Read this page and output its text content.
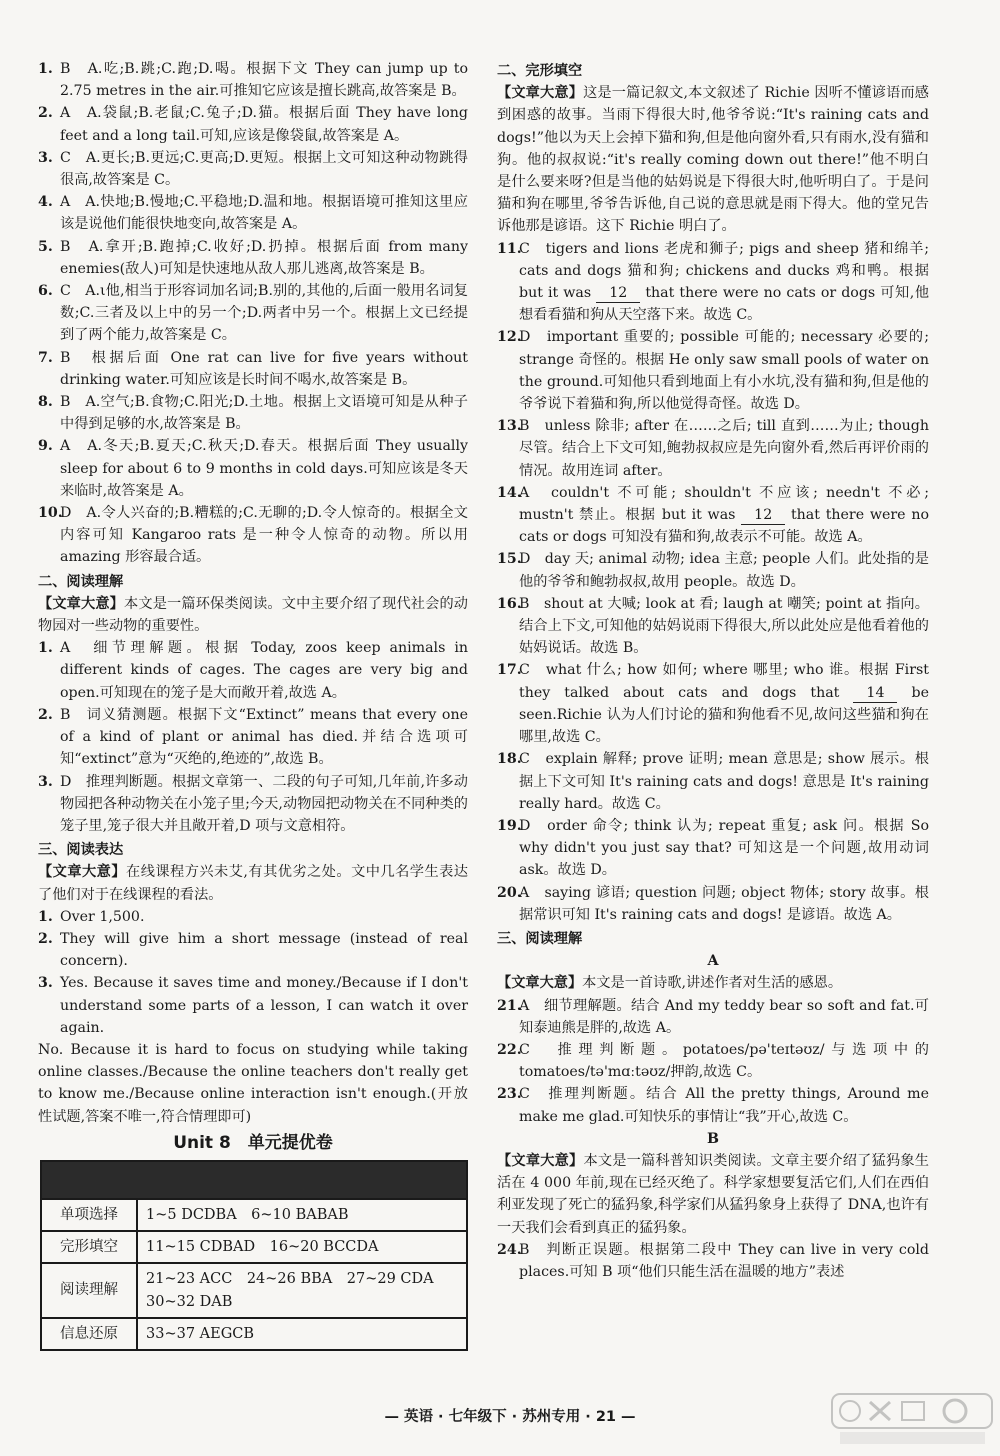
1. B　A.吃;B.跳;C.跑;D.喝。根据下文 They can jump up to 2.75 metres in the air.可推知它应该是擅长跳高,故答案是 B。
2. A　A.袋鼠;B.老鼠;C.兔子;D.猫。根据后面 They have long feet and a long tail.可知,应该是像袋鼠,故答案是 A。
3. C　A.更长;B.更远;C.更高;D.更短。根据上文可知这种动物跳得很高,故答案是 C。
4. A　A.快地;B.慢地;C.平稳地;D.温和地。根据语境可推知这里应该是说他们能很快地变向,故答案是 A。
5. B　A.拿开;B.跑掉;C.收好;D.扔掉。根据后面 from many enemies(敌人)可知是快速地从敌人那儿逃离,故答案是 B。
6. C　A.ι他,相当于形容词加名词;B.别的,其他的,后面一般用名词复数;C.三者及以上中的另一个;D.两者中另一个。根据上文已经提到了两个能力,故答案是 C。
7. B　根据后面 One rat can live for five years without drinking water.可知应该是长时间不喝水,故答案是 B。
8. B　A.空气;B.食物;C.阳光;D.土地。根据上文语境可知是从种子中得到足够的水,故答案是 B。
9. A　A.冬天;B.夏天;C.秋天;D.春天。根据后面 They usually sleep for about 6 to 9 months in cold days.可知应该是冬天来临时,故答案是 A。
10.
D　A.令人兴奋的;B.糟糕的;C.无聊的;D.令人惊奇的。根据全文内容可知 Kangaroo rats 是一种令人惊奇的动物。所以用 amazing 形容最合适。
二、阅读理解
【文章大意】本文是一篇环保类阅读。文中主要介绍了现代社会的动物园对一些动物的重要性。
1. A　细节理解题。根据 Today, zoos keep animals in different kinds of cages. The cages are very big and open.可知现在的笼子是大而敞开着,故选 A。
2. B　词义猜测题。根据下文“Extinct” means that every one of a kind of plant or animal has died.并结合选项可知“extinct”意为“灭绝的,绝迹的”,故选 B。
3. D　推理判断题。根据文章第一、二段的句子可知,几年前,许多动物园把各种动物关在小笼子里;今天,动物园把动物关在不同种类的笼子里,笼子很大并且敞开着,D 项与文意相符。
三、阅读表达
【文章大意】在线课程方兴未艾,有其优劣之处。文中几名学生表达了他们对于在线课程的看法。
1. Over 1,500.
2. They will give him a short message (instead of real concern).
3. Yes. Because it saves time and money./Because if I don't understand some parts of a lesson, I can watch it over again.
No. Because it is hard to focus on studying while taking online classes./Because the online teachers don't really get to know me./Because online interaction isn't enough.(开放性试题,答案不唯一,符合情理即可)
Unit 8　单元提优卷

单项选择	1~5 DCDBA　6~10 BABAB
完形填空	11~15 CDBAD　16~20 BCCDA
阅读理解	21~23 ACC　24~26 BBA　27~29 CDA
30~32 DAB

信息还原	33~37 AEGCB
二、完形填空
【文章大意】这是一篇记叙文,本文叙述了 Richie 因听不懂谚语而感到困惑的故事。当雨下得很大时,他爷爷说:“It's raining cats and dogs!”他以为天上会掉下猫和狗,但是他向窗外看,只有雨水,没有猫和狗。他的叔叔说:“it's really coming down out there!”他不明白是什么要来呀?但是当他的姑妈说是下得很大时,他听明白了。于是问猫和狗在哪里,爷爷告诉他,自己说的意思就是雨下得大。他的堂兄告诉他那是谚语。这下 Richie 明白了。
11.
C　tigers and lions 老虎和狮子; pigs and sheep 猪和绵羊; cats and dogs 猫和狗; chickens and ducks 鸡和鸭。根据 but it was 12 that there were no cats or dogs 可知,他想看看猫和狗从天空落下来。故选 C。
12.
D　important 重要的; possible 可能的; necessary 必要的; strange 奇怪的。根据 He only saw small pools of water on the ground.可知他只看到地面上有小水坑,没有猫和狗,但是他的爷爷说下着猫和狗,所以他觉得奇怪。故选 D。
13.
B　unless 除非; after 在……之后; till 直到……为止; though 尽管。结合上下文可知,鲍勃叔叔应是先向窗外看,然后再评价雨的情况。故用连词 after。
14.
A　couldn't 不可能; shouldn't 不应该; needn't 不必; mustn't 禁止。根据 but it was 12 that there were no cats or dogs 可知没有猫和狗,故表示不可能。故选 A。
15.
D　day 天; animal 动物; idea 主意; people 人们。此处指的是他的爷爷和鲍勃叔叔,故用 people。故选 D。
16.
B　shout at 大喊; look at 看; laugh at 嘲笑; point at 指向。结合上下文,可知他的姑妈说雨下得很大,所以此处应是他看着他的姑妈说话。故选 B。
17.
C　what 什么; how 如何; where 哪里; who 谁。根据 First they talked about cats and dogs that 14 be seen.Richie 认为人们讨论的猫和狗他看不见,故问这些猫和狗在哪里,故选 C。
18.
C　explain 解释; prove 证明; mean 意思是; show 展示。根据上下文可知 It's raining cats and dogs! 意思是 It's raining really hard。故选 C。
19.
D　order 命令; think 认为; repeat 重复; ask 问。根据 So why didn't you just say that? 可知这是一个问题,故用动词 ask。故选 D。
20.
A　saying 谚语; question 问题; object 物体; story 故事。根据常识可知 It's raining cats and dogs! 是谚语。故选 A。
三、阅读理解
A
【文章大意】本文是一首诗歌,讲述作者对生活的感恩。
21.
A　细节理解题。结合 And my teddy bear so soft and fat.可知泰迪熊是胖的,故选 A。
22.
C　推理判断题。potatoes/pə'teɪtəʊz/与选项中的 tomatoes/tə'mɑːtəʊz/押韵,故选 C。
23.
C　推理判断题。结合 All the pretty things, Around me make me glad.可知快乐的事情让“我”开心,故选 C。
B
【文章大意】本文是一篇科普知识类阅读。文章主要介绍了猛犸象生活在 4 000 年前,现在已经灭绝了。科学家想要复活它们,人们在西伯利亚发现了死亡的猛犸象,科学家们从猛犸象身上获得了 DNA,也许有一天我们会看到真正的猛犸象。
24.
B　判断正误题。根据第二段中 They can live in very cold places.可知 B 项“他们只能生活在温暖的地方”表述
— 英语 · 七年级下 · 苏州专用 · 21 —
